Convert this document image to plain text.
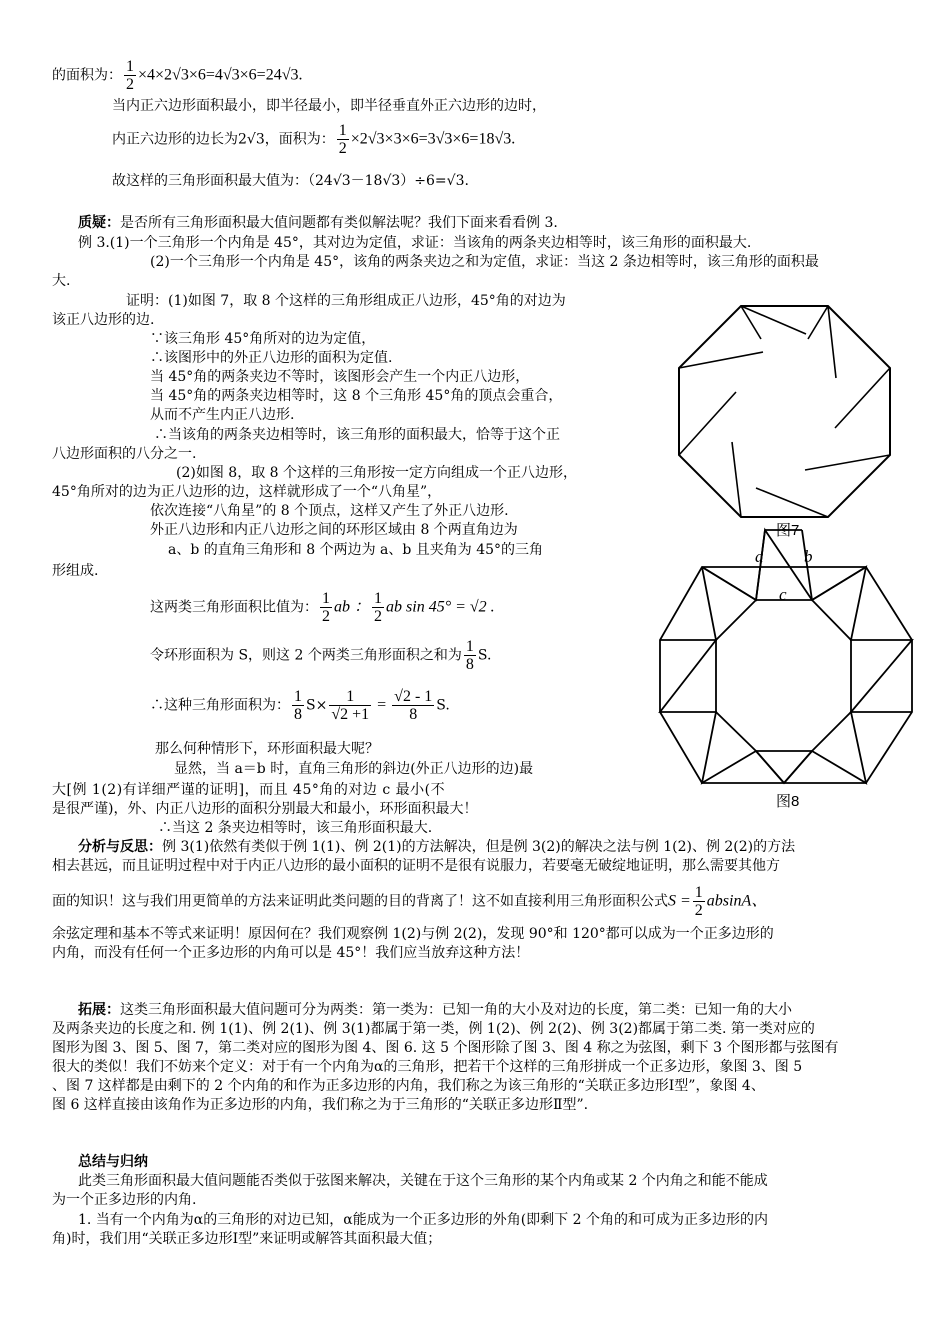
的面积为： $\frac{1}{2} \times 4\times 2√3\times 6=4√3\times 6=24√3$.
当内正六边形面积最小，即半径最小，即半径垂直外正六边形的边时，
内正六边形的边长为2√3，面积为： $\frac{1}{2} \times 2√3\times 3\times 6=3√3\times 6=18√3$.
故这样的三角形面积最大值为：（24√3－18√3）÷6=√3.
质疑：是否所有三角形面积最大值问题都有类似解法呢？我们下面来看看例 3.
例 3.(1)一个三角形一个内角是 45°，其对边为定值，求证：当该角的两条夹边相等时，该三角形的面积最大.
(2)一个三角形一个内角是 45°，该角的两条夹边之和为定值，求证：当这 2 条边相等时，该三角形的面积最
大.
证明：(1)如图 7，取 8 个这样的三角形组成正八边形，45°角的对边为
该正八边形的边.
∵该三角形 45°角所对的边为定值，
∴该图形中的外正八边形的面积为定值.
当 45°角的两条夹边不等时，该图形会产生一个内正八边形，
当 45°角的两条夹边相等时，这 8 个三角形 45°角的顶点会重合，
从而不产生内正八边形.
∴当该角的两条夹边相等时，该三角形的面积最大，恰等于这个正
八边形面积的八分之一.
(2)如图 8，取 8 个这样的三角形按一定方向组成一个正八边形，
45°角所对的边为正八边形的边，这样就形成了一个“八角星”，
依次连接“八角星”的 8 个顶点，这样又产生了外正八边形.
外正八边形和内正八边形之间的环形区域由 8 个两直角边为
a、b 的直角三角形和 8 个两边为 a、b 且夹角为 45°的三角
形组成.
这两类三角形面积比值为： $\frac{1}{2}$ ab ： $\frac{1}{2}$ ab sin 45° = √2 .
令环形面积为 S，则这 2 个两类三角形面积之和为 $\frac{1}{8} S$.
∴这种三角形面积为： $\frac{1}{8} S\times \frac{1}{√2 +1} = \frac{√2 - 1}{8} S$.
那么何种情形下，环形面积最大呢？
显然，当 a＝b 时，直角三角形的斜边(外正八边形的边)最
大[例 1(2)有详细严谨的证明]，而且 45°角的对边 c 最小(不
是很严谨)，外、内正八边形的面积分别最大和最小，环形面积最大！
∴当这 2 条夹边相等时，该三角形面积最大.
分析与反思：例 3(1)依然有类似于例 1(1)、例 2(1)的方法解决，但是例 3(2)的解决之法与例 1(2)、例 2(2)的方法
相去甚远，而且证明过程中对于内正八边形的最小面积的证明不是很有说服力，若要毫无破绽地证明，那么需要其他方
面的知识！这与我们用更简单的方法来证明此类问题的目的背离了！这不如直接利用三角形面积公式$S = \frac{1}{2}$ absinA、
余弦定理和基本不等式来证明！原因何在？我们观察例 1(2)与例 2(2)，发现 90°和 120°都可以成为一个正多边形的
内角，而没有任何一个正多边形的内角可以是 45°！我们应当放弃这种方法！
拓展：这类三角形面积最大值问题可分为两类：第一类为：已知一角的大小及对边的长度，第二类：已知一角的大小
及两条夹边的长度之和. 例 1(1)、例 2(1)、例 3(1)都属于第一类，例 1(2)、例 2(2)、例 3(2)都属于第二类. 第一类对应的
图形为图 3、图 5、图 7，第二类对应的图形为图 4、图 6. 这 5 个图形除了图 3、图 4 称之为弦图，剩下 3 个图形都与弦图有
很大的类似！我们不妨来个定义：对于有一个内角为α的三角形，把若干个这样的三角形拼成一个正多边形，象图 3、图 5
、图 7 这样都是由剩下的 2 个内角的和作为正多边形的内角，我们称之为该三角形的“关联正多边形Ⅰ型”，象图 4、
图 6 这样直接由该角作为正多边形的内角，我们称之为于三角形的“关联正多边形Ⅱ型”.
总结与归纳
此类三角形面积最大值问题能否类似于弦图来解决，关键在于这个三角形的某个内角或某 2 个内角之和能不能成
为一个正多边形的内角.
1. 当有一个内角为α的三角形的对边已知，α能成为一个正多边形的外角(即剩下 2 个角的和可成为正多边形的内
角)时，我们用“关联正多边形Ⅰ型”来证明或解答其面积最大值；
图7
a b
c
图8
